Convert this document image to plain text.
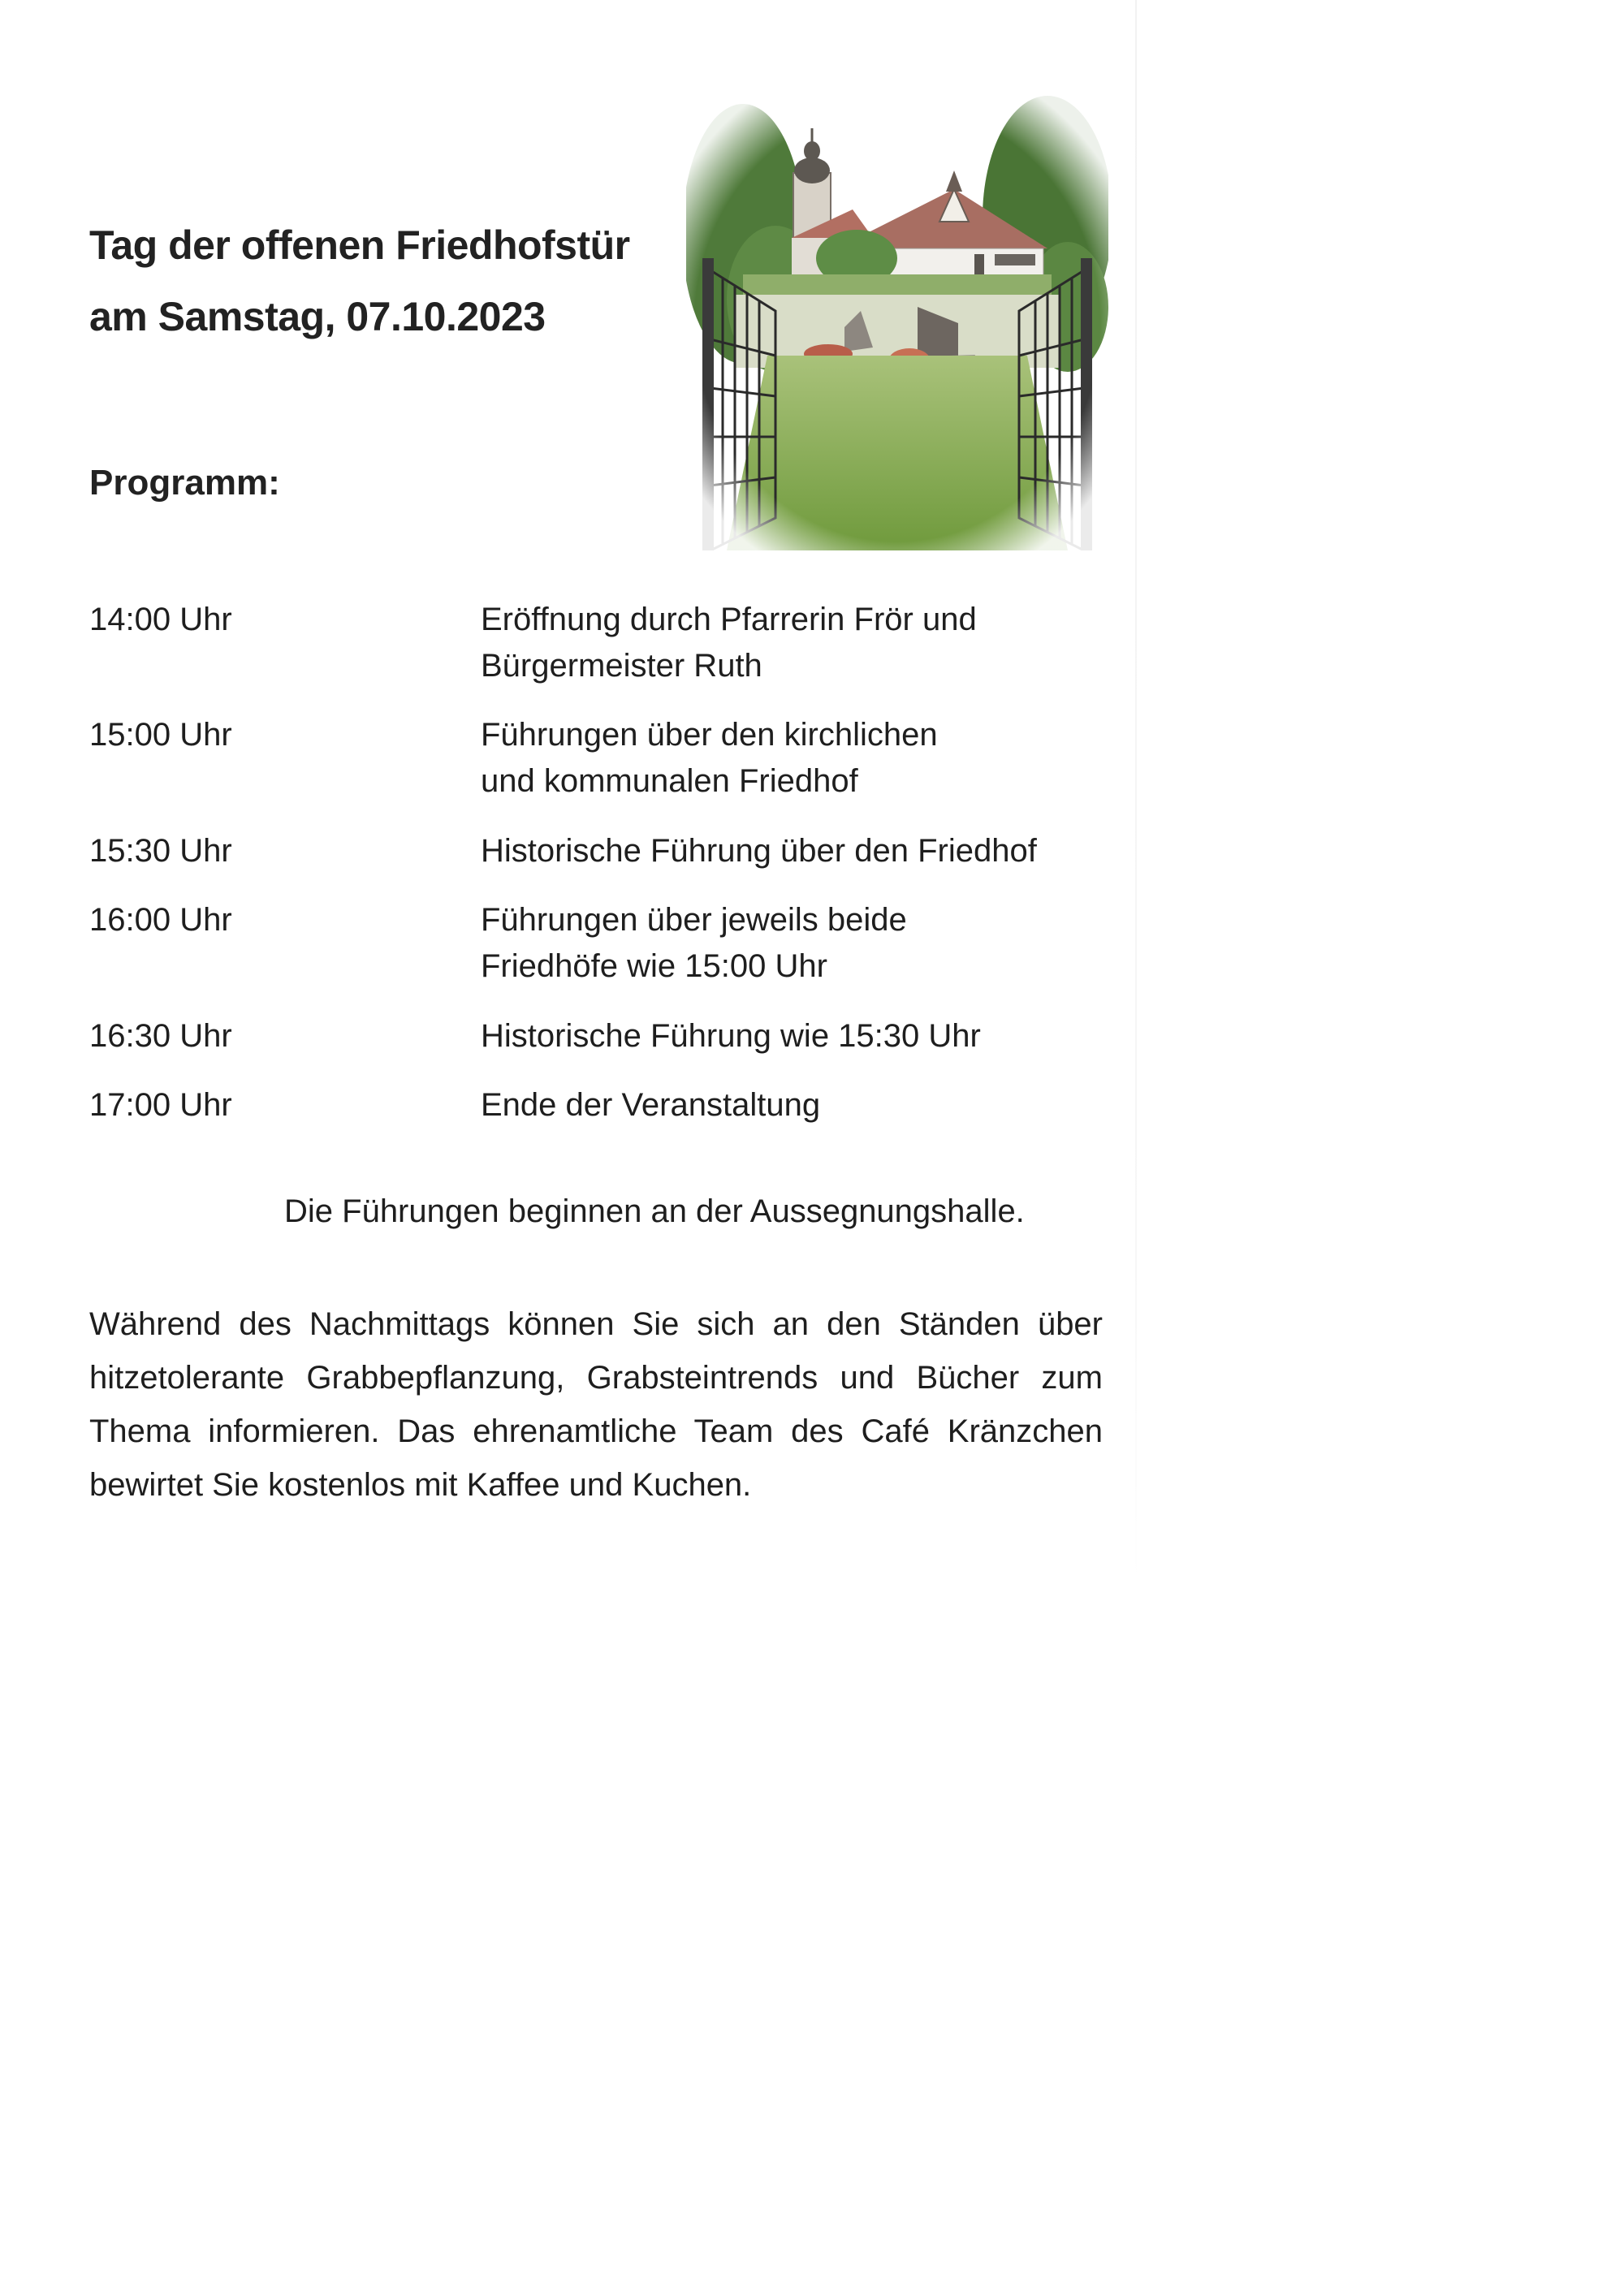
Tag der offenen Friedhofstür
am Samstag, 07.10.2023
Programm:
14:00 Uhr	Eröffnung durch Pfarrerin Frör und
Bürgermeister Ruth
15:00 Uhr	Führungen über den kirchlichen
und kommunalen Friedhof
15:30 Uhr	Historische Führung über den Friedhof
16:00 Uhr	Führungen über jeweils beide
Friedhöfe wie 15:00 Uhr
16:30 Uhr	Historische Führung wie 15:30 Uhr
17:00 Uhr	Ende der Veranstaltung
Die Führungen beginnen an der Aussegnungshalle.
Während des Nachmittags können Sie sich an den Ständen über hitzetolerante Grabbepflanzung, Grabsteintrends und Bücher zum Thema informieren. Das ehrenamtliche Team des Café Kränzchen bewirtet Sie kostenlos mit Kaffee und Kuchen.
